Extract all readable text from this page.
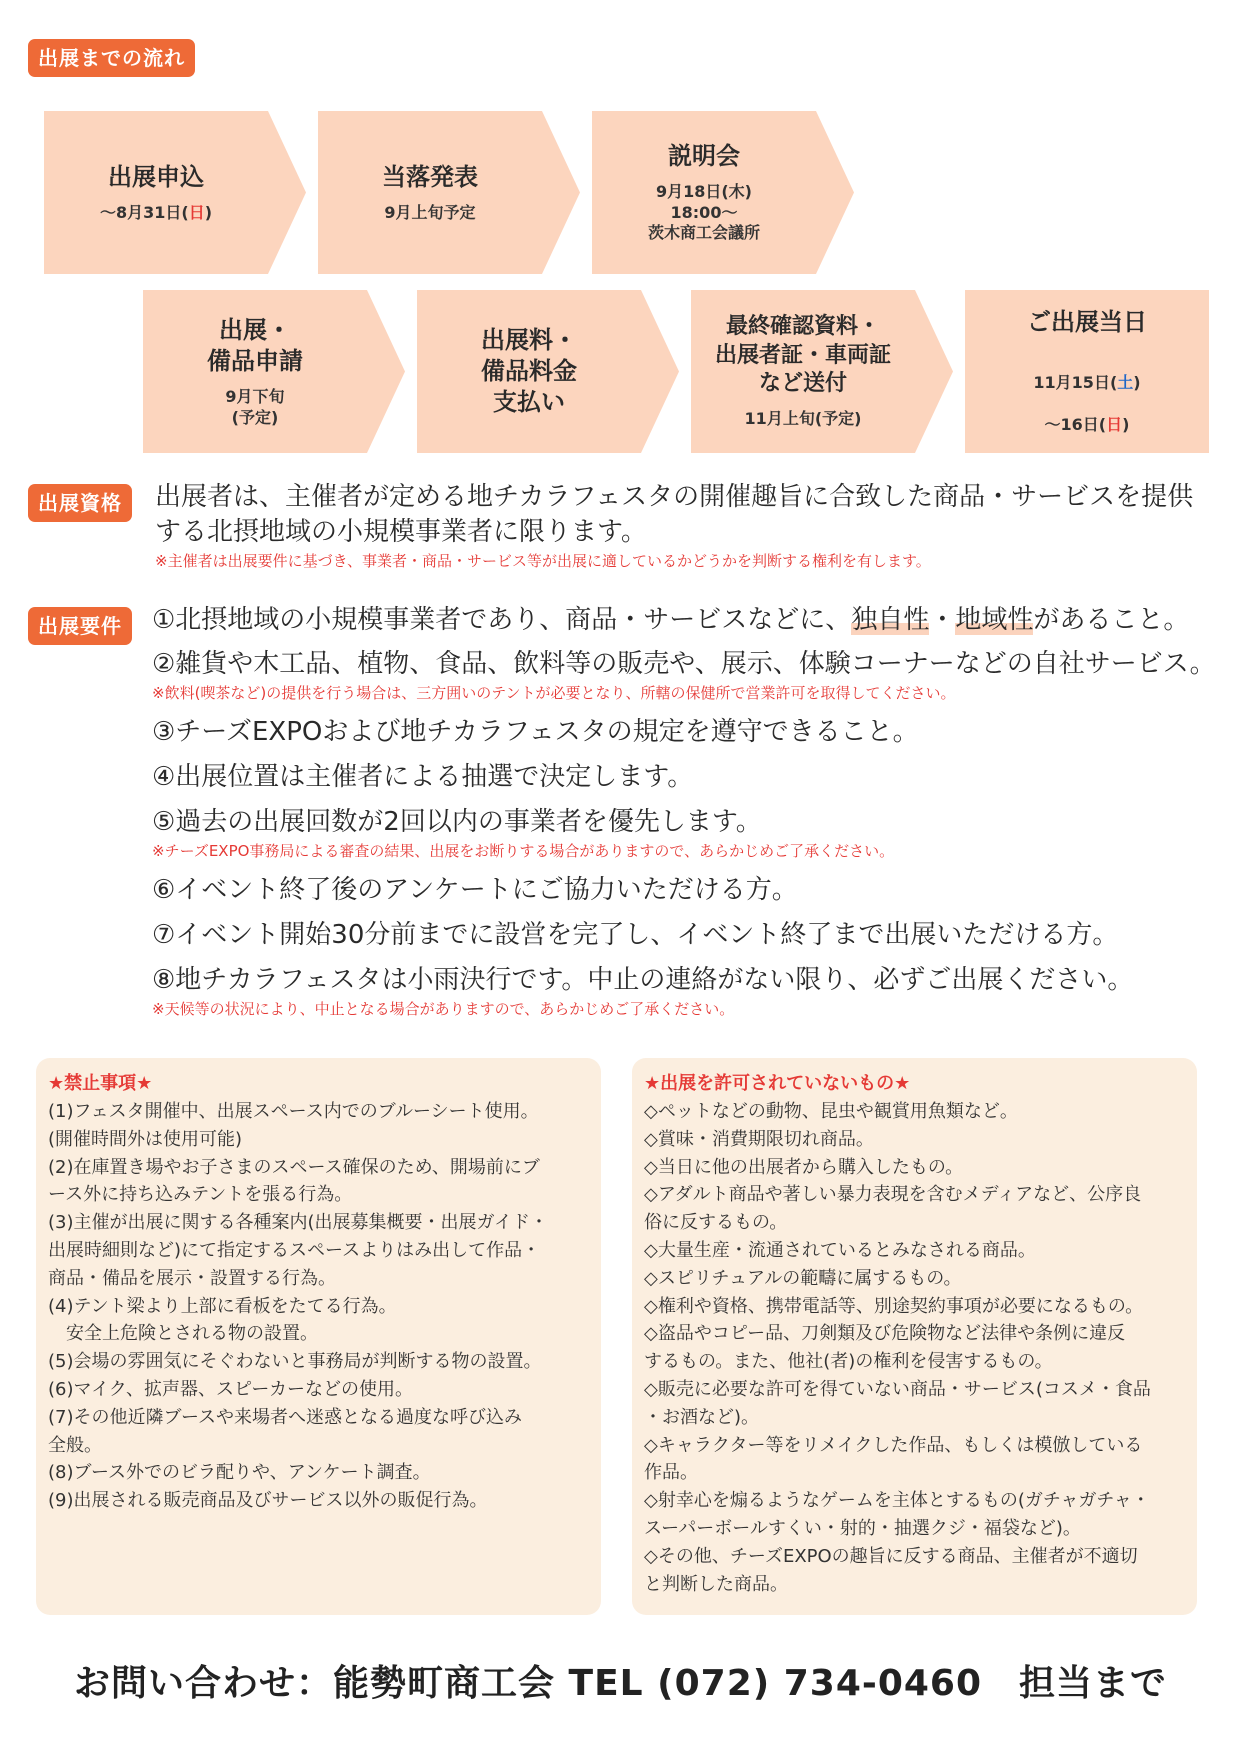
出展までの流れ
出展申込
～8月31日(日)
当落発表
9月上旬予定
説明会
9月18日(木)
18:00～
茨木商工会議所
出展・
備品申請
9月下旬
(予定)
出展料・
備品料金
支払い
最終確認資料・
出展者証・車両証
など送付
11月上旬(予定)
ご出展当日

11月15日(土)

～16日(日)

出展資格	出展者は、主催者が定める地チカラフェスタの開催趣旨に合致した商品・サービスを提供する北摂地域の小規模事業者に限ります。
※主催者は出展要件に基づき、事業者・商品・サービス等が出展に適しているかどうかを判断する権利を有します。
出展要件	①北摂地域の小規模事業者であり、商品・サービスなどに、独自性・地域性があること。
②雑貨や木工品、植物、食品、飲料等の販売や、展示、体験コーナーなどの自社サービス。
※飲料(喫茶など)の提供を行う場合は、三方囲いのテントが必要となり、所轄の保健所で営業許可を取得してください。
③チーズEXPOおよび地チカラフェスタの規定を遵守できること。
④出展位置は主催者による抽選で決定します。
⑤過去の出展回数が2回以内の事業者を優先します。
※チーズEXPO事務局による審査の結果、出展をお断りする場合がありますので、あらかじめご了承ください。
⑥イベント終了後のアンケートにご協力いただける方。
⑦イベント開始30分前までに設営を完了し、イベント終了まで出展いただける方。
⑧地チカラフェスタは小雨決行です。中止の連絡がない限り、必ずご出展ください。
※天候等の状況により、中止となる場合がありますので、あらかじめご了承ください。
★禁止事項★
(1)フェスタ開催中、出展スペース内でのブルーシート使用。
(開催時間外は使用可能)
(2)在庫置き場やお子さまのスペース確保のため、開場前にブ
ース外に持ち込みテントを張る行為。
(3)主催が出展に関する各種案内(出展募集概要・出展ガイド・
出展時細則など)にて指定するスペースよりはみ出して作品・
商品・備品を展示・設置する行為。
(4)テント梁より上部に看板をたてる行為。
　安全上危険とされる物の設置。
(5)会場の雰囲気にそぐわないと事務局が判断する物の設置。
(6)マイク、拡声器、スピーカーなどの使用。
(7)その他近隣ブースや来場者へ迷惑となる過度な呼び込み
全般。
(8)ブース外でのビラ配りや、アンケート調査。
(9)出展される販売商品及びサービス以外の販促行為。
★出展を許可されていないもの★
◇ペットなどの動物、昆虫や観賞用魚類など。
◇賞味・消費期限切れ商品。
◇当日に他の出展者から購入したもの。
◇アダルト商品や著しい暴力表現を含むメディアなど、公序良
俗に反するもの。
◇大量生産・流通されているとみなされる商品。
◇スピリチュアルの範疇に属するもの。
◇権利や資格、携帯電話等、別途契約事項が必要になるもの。
◇盗品やコピー品、刀剣類及び危険物など法律や条例に違反
するもの。また、他社(者)の権利を侵害するもの。
◇販売に必要な許可を得ていない商品・サービス(コスメ・食品
・お酒など)。
◇キャラクター等をリメイクした作品、もしくは模倣している
作品。
◇射幸心を煽るようなゲームを主体とするもの(ガチャガチャ・
スーパーボールすくい・射的・抽選クジ・福袋など)。
◇その他、チーズEXPOの趣旨に反する商品、主催者が不適切
と判断した商品。
お問い合わせ：能勢町商工会 TEL (072) 734-0460　担当まで
